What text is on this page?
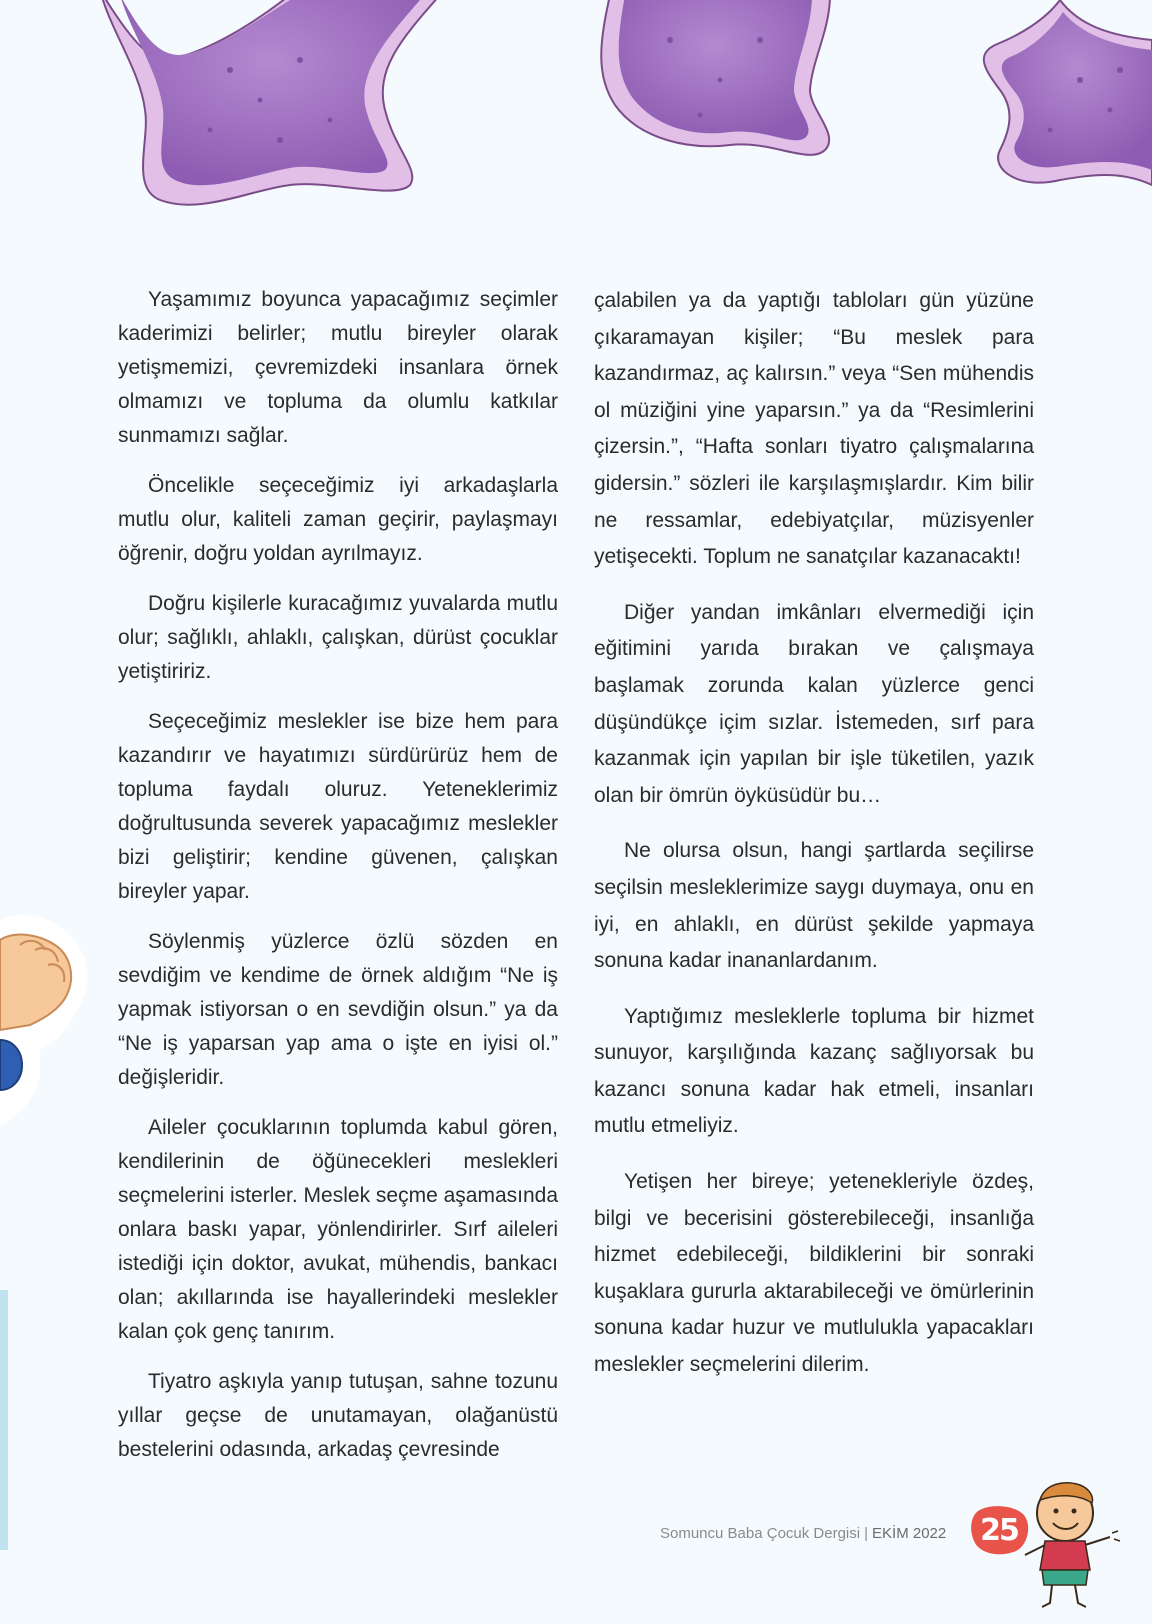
Yaşamımız boyunca yapacağımız seçimler kaderimizi belirler; mutlu bireyler olarak yetişmemizi, çevremizdeki insanlara örnek olmamızı ve topluma da olumlu katkılar sunmamızı sağlar.

Öncelikle seçeceğimiz iyi arkadaşlarla mutlu olur, kaliteli zaman geçirir, paylaşmayı öğrenir, doğru yoldan ayrılmayız.

Doğru kişilerle kuracağımız yuvalarda mutlu olur; sağlıklı, ahlaklı, çalışkan, dürüst çocuklar yetiştiririz.

Seçeceğimiz meslekler ise bize hem para kazandırır ve hayatımızı sürdürürüz hem de topluma faydalı oluruz. Yeteneklerimiz doğrultusunda severek yapacağımız meslekler bizi geliştirir; kendine güvenen, çalışkan bireyler yapar.

Söylenmiş yüzlerce özlü sözden en sevdiğim ve kendime de örnek aldığım “Ne iş yapmak istiyorsan o en sevdiğin olsun.” ya da “Ne iş yaparsan yap ama o işte en iyisi ol.” değişleridir.

Aileler çocuklarının toplumda kabul gören, kendilerinin de öğünecekleri meslekleri seçmelerini isterler. Meslek seçme aşamasında onlara baskı yapar, yönlendirirler. Sırf aileleri istediği için doktor, avukat, mühendis, bankacı olan; akıllarında ise hayallerindeki meslekler kalan çok genç tanırım.

Tiyatro aşkıyla yanıp tutuşan, sahne tozunu yıllar geçse de unutamayan, olağanüstü bestelerini odasında, arkadaş çevresinde

çalabilen ya da yaptığı tabloları gün yüzüne çıkaramayan kişiler; “Bu meslek para kazandırmaz, aç kalırsın.” veya “Sen mühendis ol müziğini yine yaparsın.” ya da “Resimlerini çizersin.”, “Hafta sonları tiyatro çalışmalarına gidersin.” sözleri ile karşılaşmışlardır. Kim bilir ne ressamlar, edebiyatçılar, müzisyenler yetişecekti. Toplum ne sanatçılar kazanacaktı!

Diğer yandan imkânları elvermediği için eğitimini yarıda bırakan ve çalışmaya başlamak zorunda kalan yüzlerce genci düşündükçe içim sızlar. İstemeden, sırf para kazanmak için yapılan bir işle tüketilen, yazık olan bir ömrün öyküsüdür bu…

Ne olursa olsun, hangi şartlarda seçilirse seçilsin mesleklerimize saygı duymaya, onu en iyi, en ahlaklı, en dürüst şekilde yapmaya sonuna kadar inananlardanım.

Yaptığımız mesleklerle topluma bir hizmet sunuyor, karşılığında kazanç sağlıyorsak bu kazancı sonuna kadar hak etmeli, insanları mutlu etmeliyiz.

Yetişen her bireye; yetenekleriyle özdeş, bilgi ve becerisini gösterebileceği, insanlığa hizmet edebileceği, bildiklerini bir sonraki kuşaklara gururla aktarabileceği ve ömürlerinin sonuna kadar huzur ve mutlulukla yapacakları meslekler seçmelerini dilerim.

Somuncu Baba Çocuk Dergisi | EKİM 2022	25
